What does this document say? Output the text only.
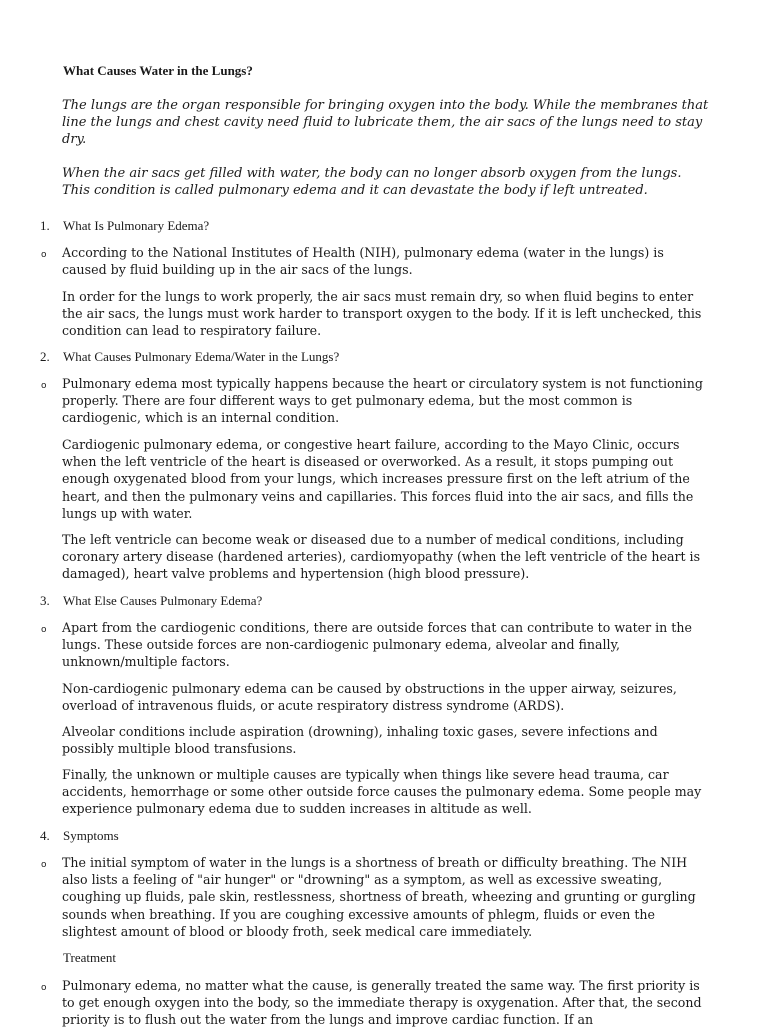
What Causes Water in the Lungs?

The lungs are the organ responsible for bringing oxygen into the body. While the membranes that line the lungs and chest cavity need fluid to lubricate them, the air sacs of the lungs need to stay dry.

When the air sacs get filled with water, the body can no longer absorb oxygen from the lungs. This condition is called pulmonary edema and it can devastate the body if left untreated.

1. What Is Pulmonary Edema?
o According to the National Institutes of Health (NIH), pulmonary edema (water in the lungs) is caused by fluid building up in the air sacs of the lungs.

In order for the lungs to work properly, the air sacs must remain dry, so when fluid begins to enter the air sacs, the lungs must work harder to transport oxygen to the body. If it is left unchecked, this condition can lead to respiratory failure.

2. What Causes Pulmonary Edema/Water in the Lungs?
o Pulmonary edema most typically happens because the heart or circulatory system is not functioning properly. There are four different ways to get pulmonary edema, but the most common is cardiogenic, which is an internal condition.

Cardiogenic pulmonary edema, or congestive heart failure, according to the Mayo Clinic, occurs when the left ventricle of the heart is diseased or overworked. As a result, it stops pumping out enough oxygenated blood from your lungs, which increases pressure first on the left atrium of the heart, and then the pulmonary veins and capillaries. This forces fluid into the air sacs, and fills the lungs up with water.

The left ventricle can become weak or diseased due to a number of medical conditions, including coronary artery disease (hardened arteries), cardiomyopathy (when the left ventricle of the heart is damaged), heart valve problems and hypertension (high blood pressure).

3. What Else Causes Pulmonary Edema?
o Apart from the cardiogenic conditions, there are outside forces that can contribute to water in the lungs. These outside forces are non-cardiogenic pulmonary edema, alveolar and finally, unknown/multiple factors.

Non-cardiogenic pulmonary edema can be caused by obstructions in the upper airway, seizures, overload of intravenous fluids, or acute respiratory distress syndrome (ARDS).

Alveolar conditions include aspiration (drowning), inhaling toxic gases, severe infections and possibly multiple blood transfusions.

Finally, the unknown or multiple causes are typically when things like severe head trauma, car accidents, hemorrhage or some other outside force causes the pulmonary edema. Some people may experience pulmonary edema due to sudden increases in altitude as well.

4. Symptoms
o The initial symptom of water in the lungs is a shortness of breath or difficulty breathing. The NIH also lists a feeling of "air hunger" or "drowning" as a symptom, as well as excessive sweating, coughing up fluids, pale skin, restlessness, shortness of breath, wheezing and grunting or gurgling sounds when breathing. If you are coughing excessive amounts of phlegm, fluids or even the slightest amount of blood or bloody froth, seek medical care immediately.

Treatment
o Pulmonary edema, no matter what the cause, is generally treated the same way. The first priority is to get enough oxygen into the body, so the immediate therapy is oxygenation. After that, the second priority is to flush out the water from the lungs and improve cardiac function. If an
